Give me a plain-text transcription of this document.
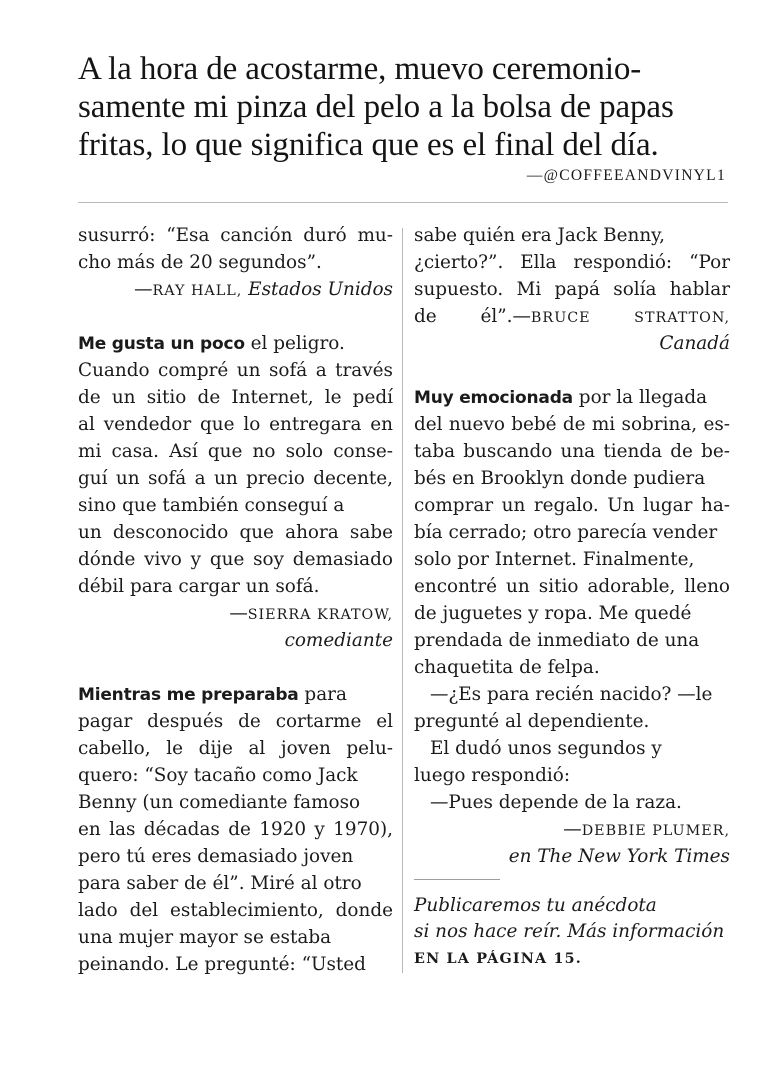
A la hora de acostarme, muevo ceremonio-
samente mi pinza del pelo a la bolsa de papas
fritas, lo que significa que es el final del día.
—@COFFEEANDVINYL1
susurró: “Esa canción duró mu-
cho más de 20 segundos”.
—RAY HALL, Estados Unidos
Me gusta un poco el peligro.
Cuando compré un sofá a través
de un sitio de Internet, le pedí
al vendedor que lo entregara en
mi casa. Así que no solo conse-
guí un sofá a un precio decente,
sino que también conseguí a
un desconocido que ahora sabe
dónde vivo y que soy demasiado
débil para cargar un sofá.
—SIERRA KRATOW,
comediante
Mientras me preparaba para
pagar después de cortarme el
cabello, le dije al joven pelu-
quero: “Soy tacaño como Jack
Benny (un comediante famoso
en las décadas de 1920 y 1970),
pero tú eres demasiado joven
para saber de él”. Miré al otro
lado del establecimiento, donde
una mujer mayor se estaba
peinando. Le pregunté: “Usted
sabe quién era Jack Benny,
¿cierto?”. Ella respondió: “Por
supuesto. Mi papá solía hablar
de él”.—BRUCE STRATTON,
Canadá
Muy emocionada por la llegada
del nuevo bebé de mi sobrina, es-
taba buscando una tienda de be-
bés en Brooklyn donde pudiera
comprar un regalo. Un lugar ha-
bía cerrado; otro parecía vender
solo por Internet. Finalmente,
encontré un sitio adorable, lleno
de juguetes y ropa. Me quedé
prendada de inmediato de una
chaquetita de felpa.
—¿Es para recién nacido? —le
pregunté al dependiente.
El dudó unos segundos y
luego respondió:
—Pues depende de la raza.
—DEBBIE PLUMER,
en The New York Times
Publicaremos tu anécdota
si nos hace reír. Más información
EN LA PÁGINA 15.
